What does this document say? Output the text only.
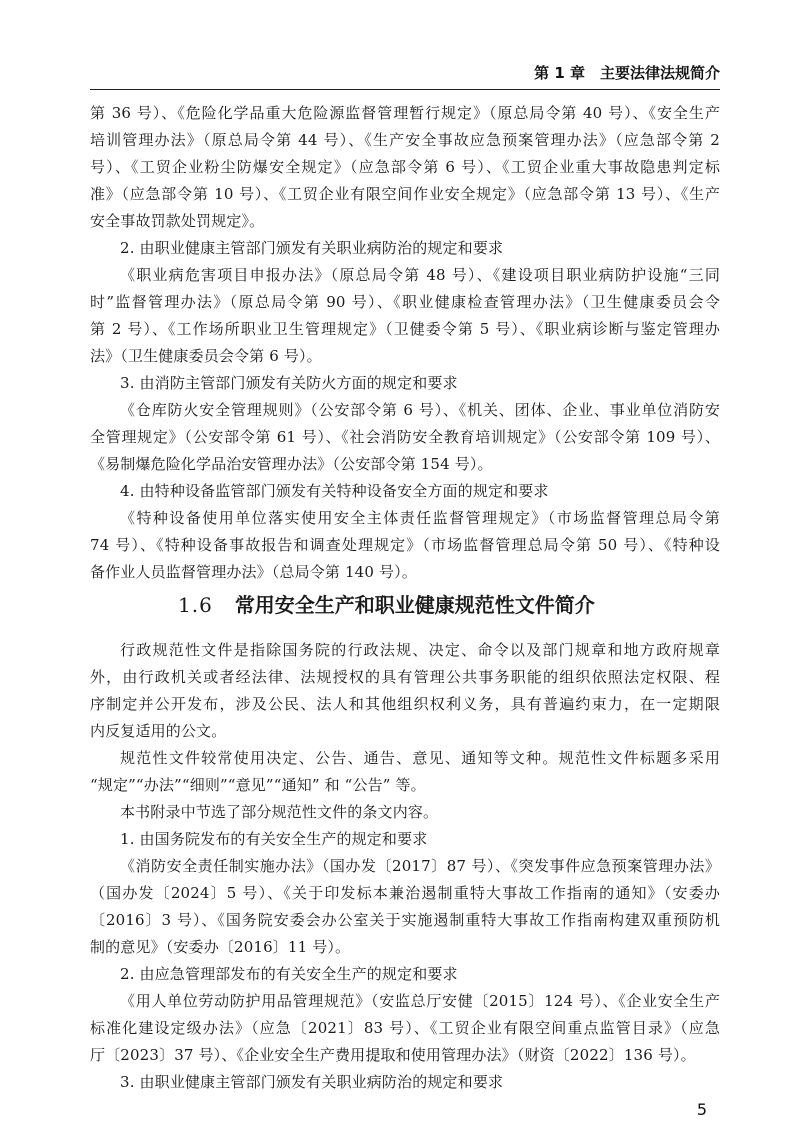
第 1 章　主要法律法规简介
第 36 号）、《危险化学品重大危险源监督管理暂行规定》（原总局令第 40 号）、《安全生产
培训管理办法》（原总局令第 44 号）、《生产安全事故应急预案管理办法》（应急部令第 2
号）、《工贸企业粉尘防爆安全规定》（应急部令第 6 号）、《工贸企业重大事故隐患判定标
准》（应急部令第 10 号）、《工贸企业有限空间作业安全规定》（应急部令第 13 号）、《生产
安全事故罚款处罚规定》。
2. 由职业健康主管部门颁发有关职业病防治的规定和要求
《职业病危害项目申报办法》（原总局令第 48 号）、《建设项目职业病防护设施“三同
时”监督管理办法》（原总局令第 90 号）、《职业健康检查管理办法》（卫生健康委员会令
第 2 号）、《工作场所职业卫生管理规定》（卫健委令第 5 号）、《职业病诊断与鉴定管理办
法》（卫生健康委员会令第 6 号）。
3. 由消防主管部门颁发有关防火方面的规定和要求
《仓库防火安全管理规则》（公安部令第 6 号）、《机关、团体、企业、事业单位消防安
全管理规定》（公安部令第 61 号）、《社会消防安全教育培训规定》（公安部令第 109 号）、
《易制爆危险化学品治安管理办法》（公安部令第 154 号）。
4. 由特种设备监管部门颁发有关特种设备安全方面的规定和要求
《特种设备使用单位落实使用安全主体责任监督管理规定》（市场监督管理总局令第
74 号）、《特种设备事故报告和调查处理规定》（市场监督管理总局令第 50 号）、《特种设
备作业人员监督管理办法》（总局令第 140 号）。
1.6 常用安全生产和职业健康规范性文件简介
行政规范性文件是指除国务院的行政法规、决定、命令以及部门规章和地方政府规章
外，由行政机关或者经法律、法规授权的具有管理公共事务职能的组织依照法定权限、程
序制定并公开发布，涉及公民、法人和其他组织权利义务，具有普遍约束力，在一定期限
内反复适用的公文。
规范性文件较常使用决定、公告、通告、意见、通知等文种。规范性文件标题多采用
“规定”“办法”“细则”“意见”“通知” 和 “公告” 等。
本书附录中节选了部分规范性文件的条文内容。
1. 由国务院发布的有关安全生产的规定和要求
《消防安全责任制实施办法》（国办发〔2017〕87 号）、《突发事件应急预案管理办法》
（国办发〔2024〕5 号）、《关于印发标本兼治遏制重特大事故工作指南的通知》（安委办
〔2016〕3 号）、《国务院安委会办公室关于实施遏制重特大事故工作指南构建双重预防机
制的意见》（安委办〔2016〕11 号）。
2. 由应急管理部发布的有关安全生产的规定和要求
《用人单位劳动防护用品管理规范》（安监总厅安健〔2015〕124 号）、《企业安全生产
标准化建设定级办法》（应急〔2021〕83 号）、《工贸企业有限空间重点监管目录》（应急
厅〔2023〕37 号）、《企业安全生产费用提取和使用管理办法》（财资〔2022〕136 号）。
3. 由职业健康主管部门颁发有关职业病防治的规定和要求
5
